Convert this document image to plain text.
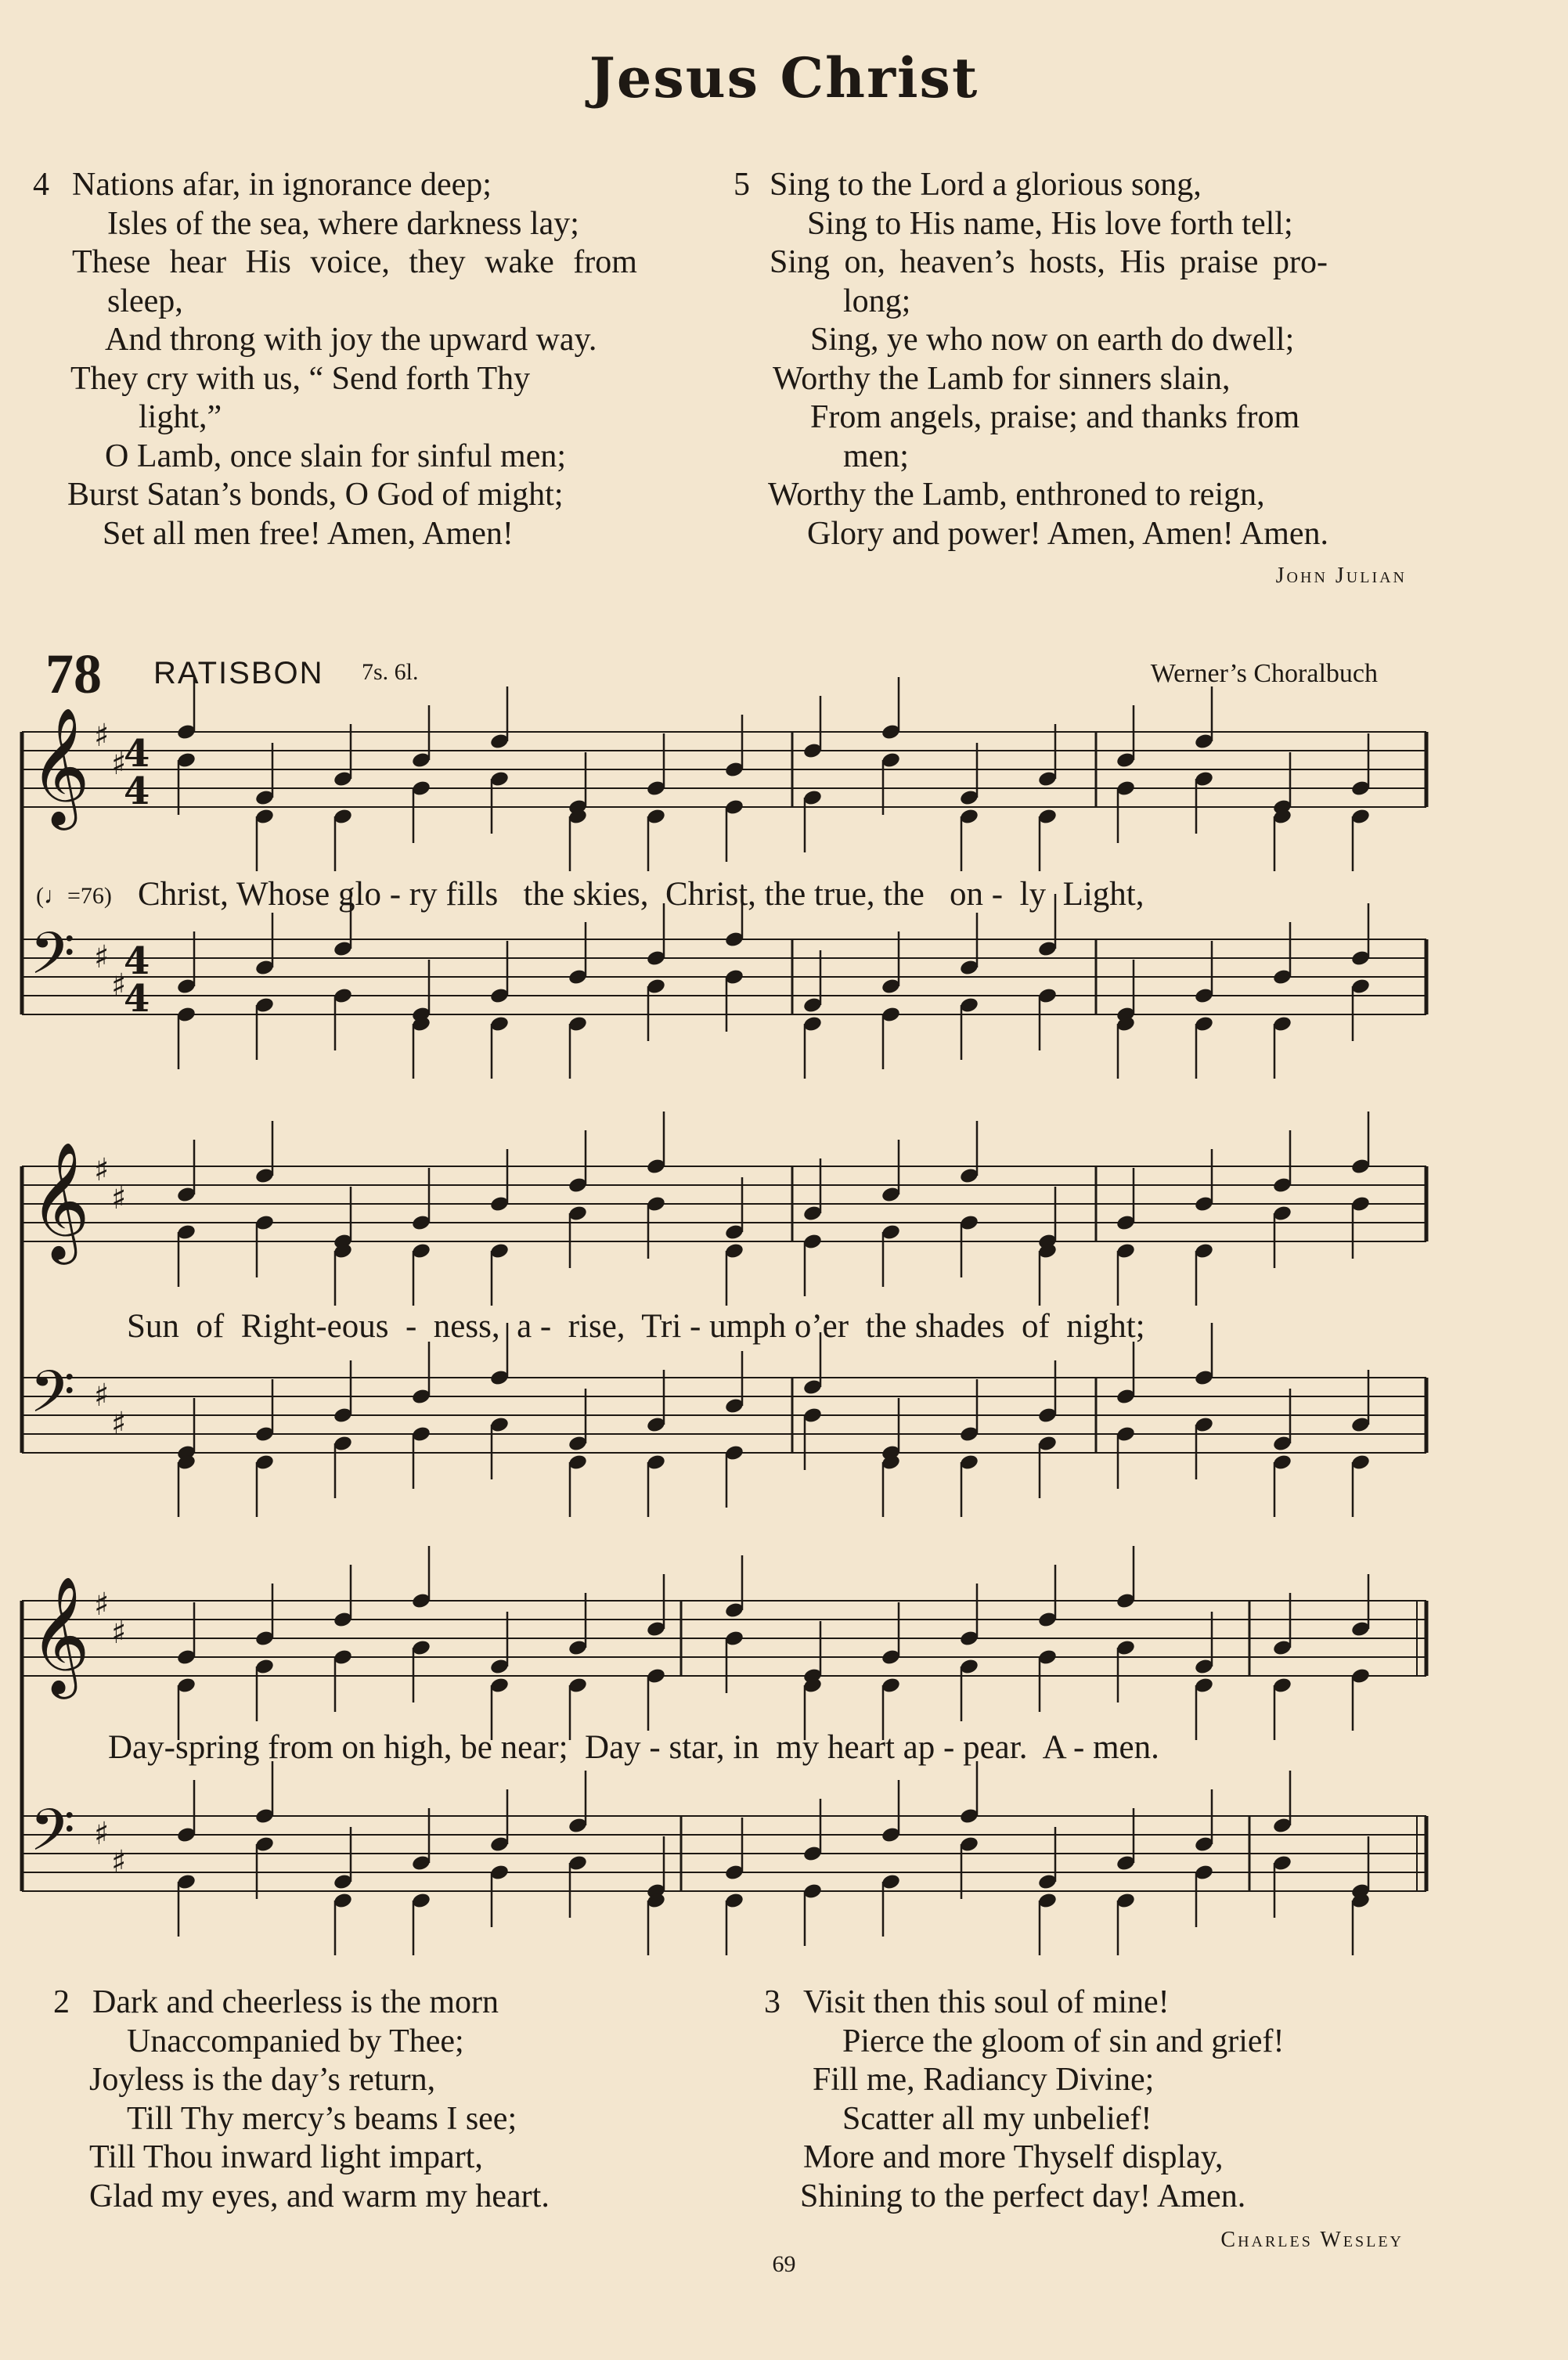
Jesus Christ
4 Nations afar, in ignorance deep;
Isles of the sea, where darkness lay;
These hear His voice, they wake from
sleep,
And throng with joy the upward way.
They cry with us, “ Send forth Thy
light,”
O Lamb, once slain for sinful men;
Burst Satan’s bonds, O God of might;
Set all men free! Amen, Amen!
5 Sing to the Lord a glorious song,
Sing to His name, His love forth tell;
Sing on, heaven’s hosts, His praise pro-
long;
Sing, ye who now on earth do dwell;
Worthy the Lamb for sinners slain,
From angels, praise; and thanks from
men;
Worthy the Lamb, enthroned to reign,
Glory and power! Amen, Amen! Amen.
John Julian
78 RATISBON 7s. 6l.	Werner’s Choralbuch
𝄞 ♯
♯
𝄢 ♯
♯
𝄞 ♯
♯
𝄢 ♯
♯
𝄞 ♯
♯
𝄢 ♯
♯
4
4
4
4
(♩=76) Christ, Whose glo - ry fills   the skies,  Christ, the true, the   on -  ly  Light,
Sun  of  Right-eous  -  ness,  a -  rise,  Tri - umph o’er  the shades  of  night;
Day-spring from on high, be near;  Day - star, in  my heart ap - pear.  A - men.
2 Dark and cheerless is the morn
Unaccompanied by Thee;
Joyless is the day’s return,
Till Thy mercy’s beams I see;
Till Thou inward light impart,
Glad my eyes, and warm my heart.
3 Visit then this soul of mine!
Pierce the gloom of sin and grief!
Fill me, Radiancy Divine;
Scatter all my unbelief!
More and more Thyself display,
Shining to the perfect day! Amen.
Charles Wesley
69
